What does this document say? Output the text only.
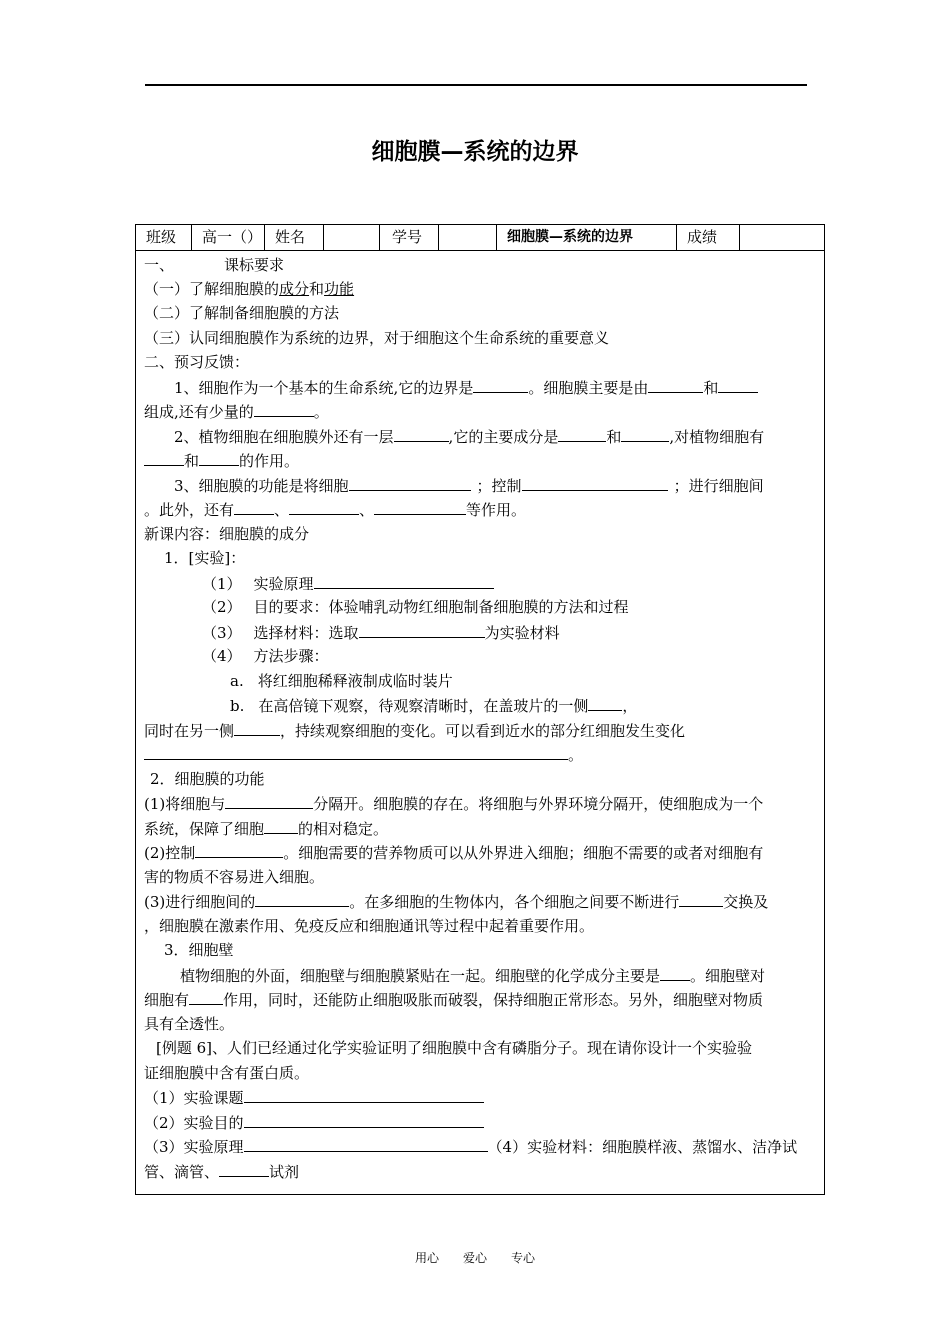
细胞膜—系统的边界
班级	高一（） 姓名	学号	细胞膜—系统的边界	成绩
一、	课标要求
（一）了解细胞膜的成分和功能
（二）了解制备细胞膜的方法
（三）认同细胞膜作为系统的边界，对于细胞这个生命系统的重要意义
二、预习反馈：
1、细胞作为一个基本的生命系统,它的边界是	。细胞膜主要是由	和
组成,还有少量的	。
2、植物细胞在细胞膜外还有一层	,它的主要成分是	和	,对植物细胞有
和	的作用。
3、细胞膜的功能是将细胞	；控制	；进行细胞间
。此外，还有	、	、	等作用。
新课内容：细胞膜的成分
1．[实验]：
（1） 实验原理
（2） 目的要求：体验哺乳动物红细胞制备细胞膜的方法和过程
（3） 选择材料：选取	为实验材料
（4） 方法步骤：
a. 将红细胞稀释液制成临时装片
b. 在高倍镜下观察，待观察清晰时，在盖玻片的一侧 ，
同时在另一侧	，持续观察细胞的变化。可以看到近水的部分红细胞发生变化
。
2．细胞膜的功能
(1)将细胞与	分隔开。细胞膜的存在。将细胞与外界环境分隔开，使细胞成为一个
系统，保障了细胞 的相对稳定。
(2)控制	。细胞需要的营养物质可以从外界进入细胞；细胞不需要的或者对细胞有
害的物质不容易进入细胞。
(3)进行细胞间的	。在多细胞的生物体内，各个细胞之间要不断进行	交换及
，细胞膜在激素作用、免疫反应和细胞通讯等过程中起着重要作用。
3．细胞壁
植物细胞的外面，细胞壁与细胞膜紧贴在一起。细胞壁的化学成分主要是 。细胞壁对
细胞有 作用，同时，还能防止细胞吸胀而破裂，保持细胞正常形态。另外，细胞壁对物质
具有全透性。
[例题 6]、人们已经通过化学实验证明了细胞膜中含有磷脂分子。现在请你设计一个实验验
证细胞膜中含有蛋白质。
（1）实验课题
（2）实验目的
（3）实验原理	（4）实验材料：细胞膜样液、蒸馏水、洁净试
管、滴管、	试剂
用心 爱心 专心
